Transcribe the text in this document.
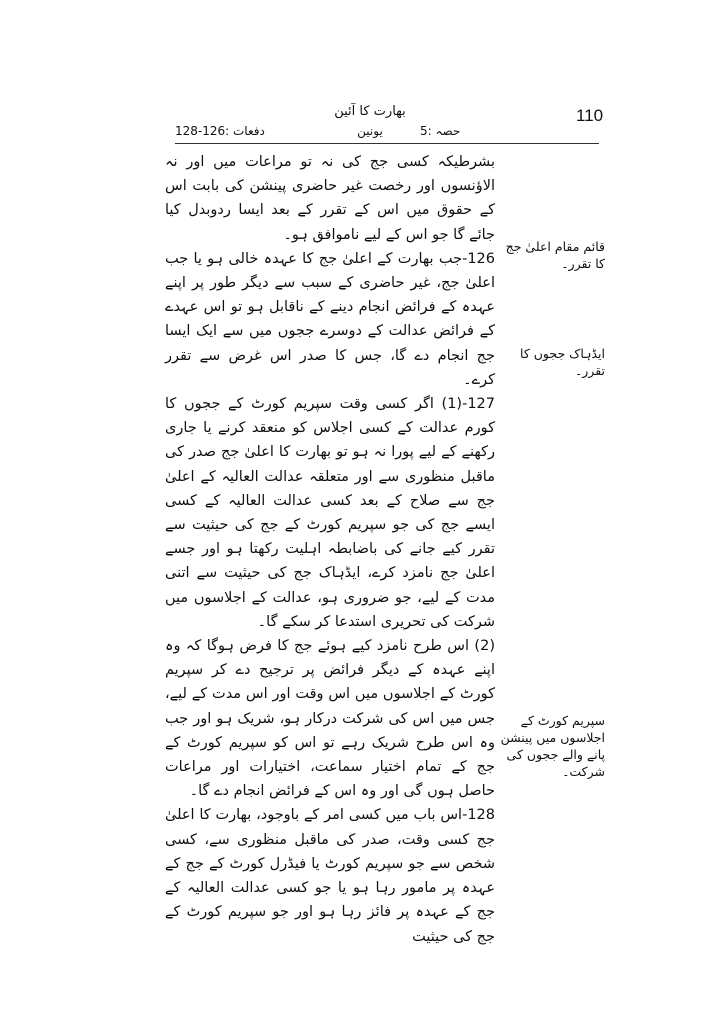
110
بھارت کا آئین
یونین	حصہ :5
دفعات :126-128

بشرطیکہ کسی جج کی نہ تو مراعات میں اور نہ الاؤنسوں اور رخصت غیر حاضری پینشن کی بابت اس کے حقوق میں اس کے تقرر کے بعد ایسا ردوبدل کیا جائے گا جو اس کے لیے ناموافق ہو۔

126-جب بھارت کے اعلیٰ جج کا عہدہ خالی ہو یا جب اعلیٰ جج، غیر حاضری کے سبب سے دیگر طور پر اپنے عہدہ کے فرائض انجام دینے کے ناقابل ہو تو اس عہدے کے فرائض عدالت کے دوسرے ججوں میں سے ایک ایسا جج انجام دے گا، جس کا صدر اس غرض سے تقرر کرے۔

127-(1) اگر کسی وقت سپریم کورٹ کے ججوں کا کورم عدالت کے کسی اجلاس کو منعقد کرنے یا جاری رکھنے کے لیے پورا نہ ہو تو بھارت کا اعلیٰ جج صدر کی ماقبل منظوری سے اور متعلقہ عدالت العالیہ کے اعلیٰ جج سے صلاح کے بعد کسی عدالت العالیہ کے کسی ایسے جج کی جو سپریم کورٹ کے جج کی حیثیت سے تقرر کیے جانے کی باضابطہ اہلیت رکھتا ہو اور جسے اعلیٰ جج نامزد کرے، ایڈہاک جج کی حیثیت سے اتنی مدت کے لیے، جو ضروری ہو، عدالت کے اجلاسوں میں شرکت کی تحریری استدعا کر سکے گا۔

(2) اس طرح نامزد کیے ہوئے جج کا فرض ہوگا کہ وہ اپنے عہدہ کے دیگر فرائض پر ترجیح دے کر سپریم کورٹ کے اجلاسوں میں اس وقت اور اس مدت کے لیے، جس میں اس کی شرکت درکار ہو، شریک ہو اور جب وہ اس طرح شریک رہے تو اس کو سپریم کورٹ کے جج کے تمام اختیار سماعت، اختیارات اور مراعات حاصل ہوں گی اور وہ اس کے فرائض انجام دے گا۔

128-اس باب میں کسی امر کے باوجود، بھارت کا اعلیٰ جج کسی وقت، صدر کی ماقبل منظوری سے، کسی شخص سے جو سپریم کورٹ یا فیڈرل کورٹ کے جج کے عہدہ پر مامور رہا ہو یا جو کسی عدالت العالیہ کے جج کے عہدہ پر فائز رہا ہو اور جو سپریم کورٹ کے جج کی حیثیت

قائم مقام اعلیٰ جج کا تقرر۔
ایڈہاک ججوں کا تقرر۔
سپریم کورٹ کے اجلاسوں میں پینشن پانے والے ججوں کی شرکت۔
